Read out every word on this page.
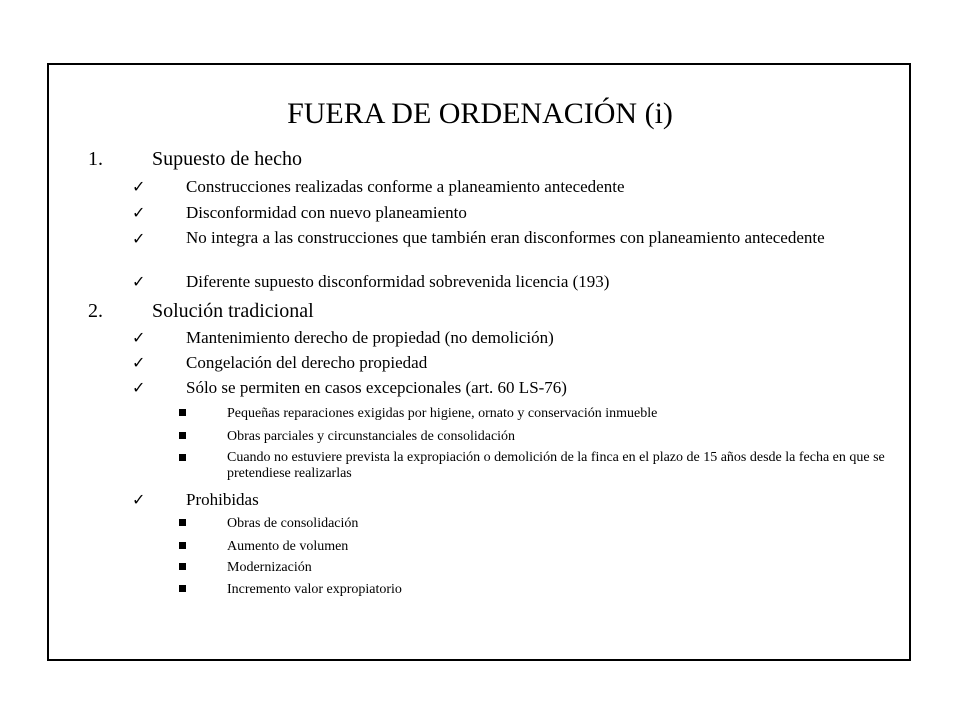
FUERA DE ORDENACIÓN (i)
1. Supuesto de hecho
✓ Construcciones realizadas conforme a planeamiento antecedente
✓ Disconformidad con nuevo planeamiento
✓ No integra a las construcciones que también eran disconformes con planeamiento antecedente
✓ Diferente supuesto disconformidad sobrevenida licencia (193)
2. Solución tradicional
✓ Mantenimiento derecho de propiedad (no demolición)
✓ Congelación del derecho propiedad
✓ Sólo se permiten en casos excepcionales (art. 60 LS-76)
Pequeñas reparaciones exigidas por higiene, ornato y conservación inmueble
Obras parciales y circunstanciales de consolidación
Cuando no estuviere prevista la expropiación o demolición de la finca en el plazo de 15 años desde la fecha en que se pretendiese realizarlas
✓ Prohibidas
Obras de consolidación
Aumento de volumen
Modernización
Incremento valor expropiatorio
